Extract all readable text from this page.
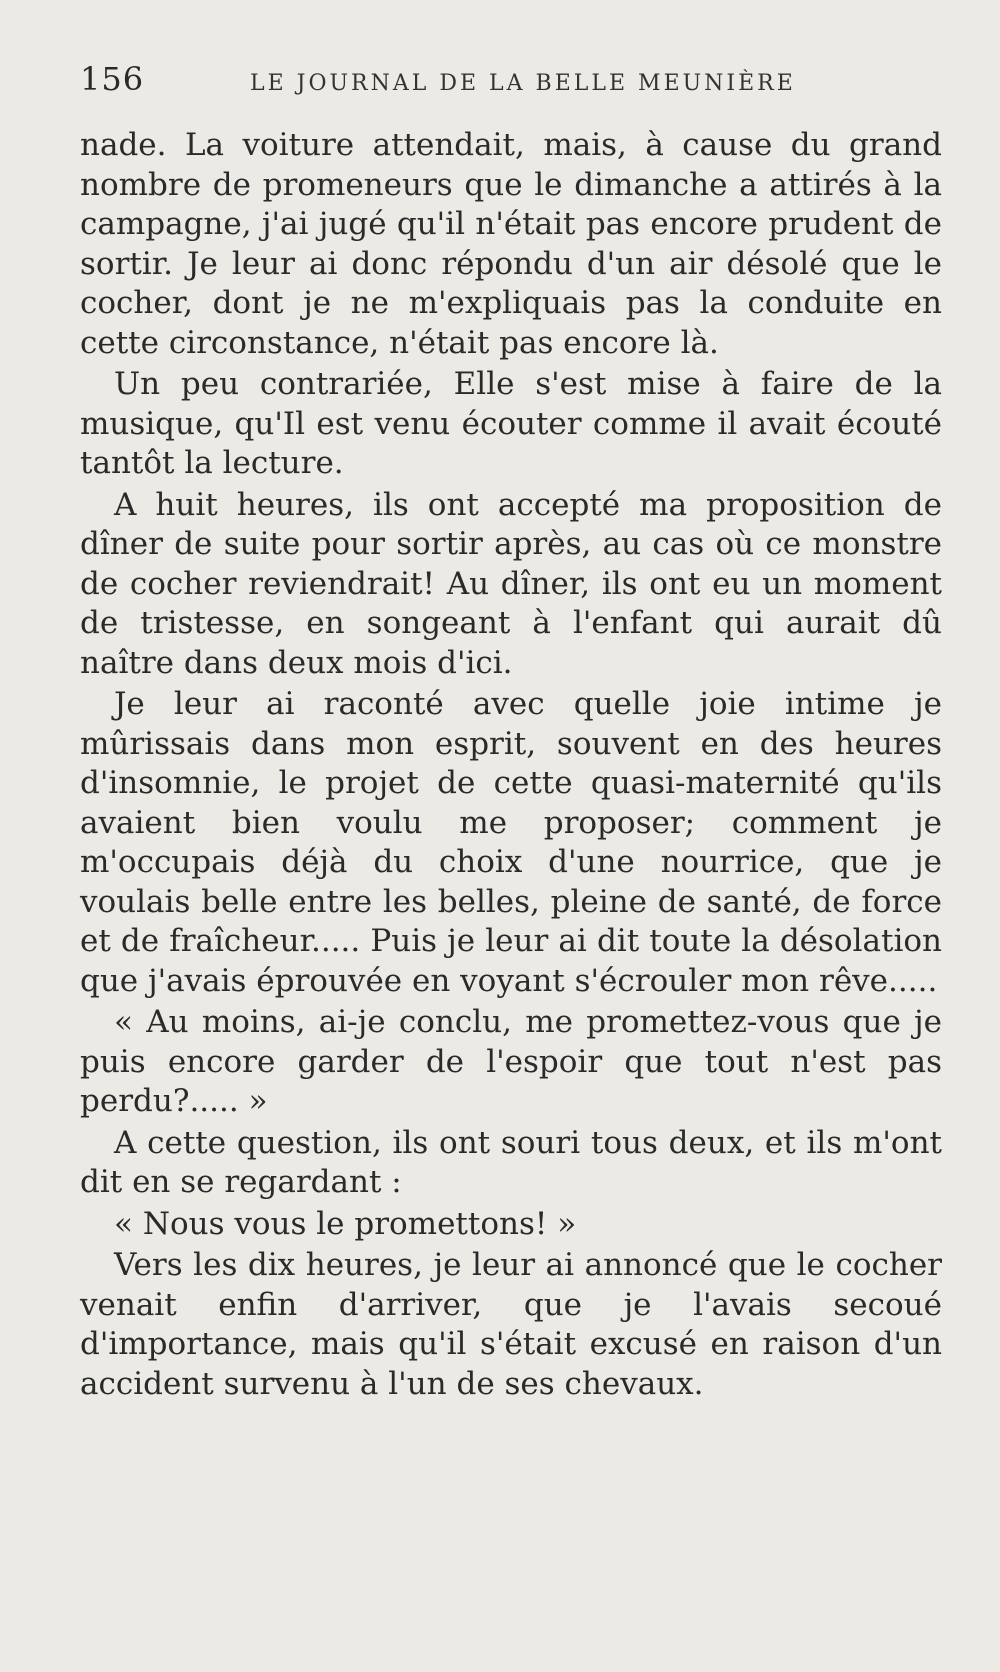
156	LE JOURNAL DE LA BELLE MEUNIÈRE

nade. La voiture attendait, mais, à cause du grand nombre de promeneurs que le dimanche a attirés à la campagne, j'ai jugé qu'il n'était pas encore prudent de sortir. Je leur ai donc répondu d'un air désolé que le cocher, dont je ne m'expliquais pas la conduite en cette circonstance, n'était pas encore là.

Un peu contrariée, Elle s'est mise à faire de la musique, qu'Il est venu écouter comme il avait écouté tantôt la lecture.

A huit heures, ils ont accepté ma proposition de dîner de suite pour sortir après, au cas où ce monstre de cocher reviendrait! Au dîner, ils ont eu un moment de tristesse, en songeant à l'enfant qui aurait dû naître dans deux mois d'ici.

Je leur ai raconté avec quelle joie intime je mûrissais dans mon esprit, souvent en des heures d'insomnie, le projet de cette quasi-maternité qu'ils avaient bien voulu me proposer; comment je m'occupais déjà du choix d'une nourrice, que je voulais belle entre les belles, pleine de santé, de force et de fraîcheur..... Puis je leur ai dit toute la désolation que j'avais éprouvée en voyant s'écrouler mon rêve.....

« Au moins, ai-je conclu, me promettez-vous que je puis encore garder de l'espoir que tout n'est pas perdu?..... »

A cette question, ils ont souri tous deux, et ils m'ont dit en se regardant :

« Nous vous le promettons! »

Vers les dix heures, je leur ai annoncé que le cocher venait enfin d'arriver, que je l'avais secoué d'importance, mais qu'il s'était excusé en raison d'un accident survenu à l'un de ses chevaux.
